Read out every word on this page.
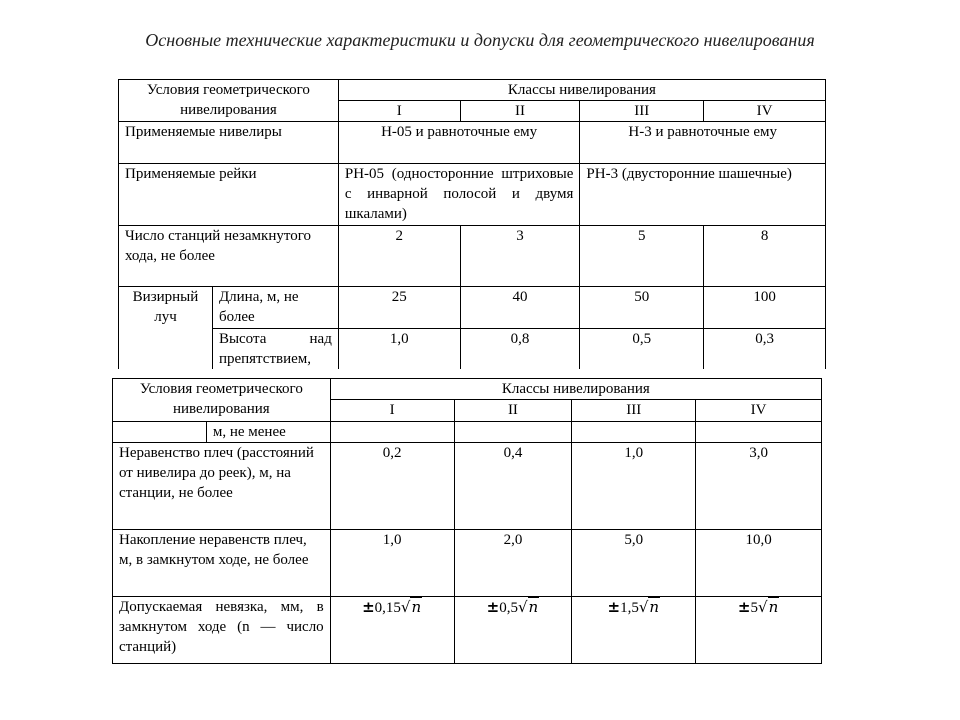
Основные технические характеристики и допуски для геометрического нивелирования
Условия геометрического нивелирования		Классы нивелирования			
		I	II	III	IV
Применяемые нивелиры		Н-05 и равноточные ему		Н-3 и равноточные ему	
Применяемые рейки		РН-05 (односторонние штриховые с инварной полосой и двумя шкалами)		РН-3 (двусторонние шашечные)	
Число станций незамкнутого хода, не более		2	3	5	8
Визирный луч	Длина, м, не более	25	40	50	100
	Высота над препятствием,	1,0	0,8	0,5	0,3
Условия геометрического нивелирования		Классы нивелирования			
		I	II	III	IV
	м, не менее				
Неравенство плеч (расстояний от нивелира до реек), м, на станции, не более		0,2	0,4	1,0	3,0
Накопление неравенств плеч, м, в замкнутом ходе, не более		1,0	2,0	5,0	10,0
Допускаемая невязка, мм, в замкнутом ходе (n — число станций)		±0,15√n	±0,5√n	±1,5√n	±5√n
